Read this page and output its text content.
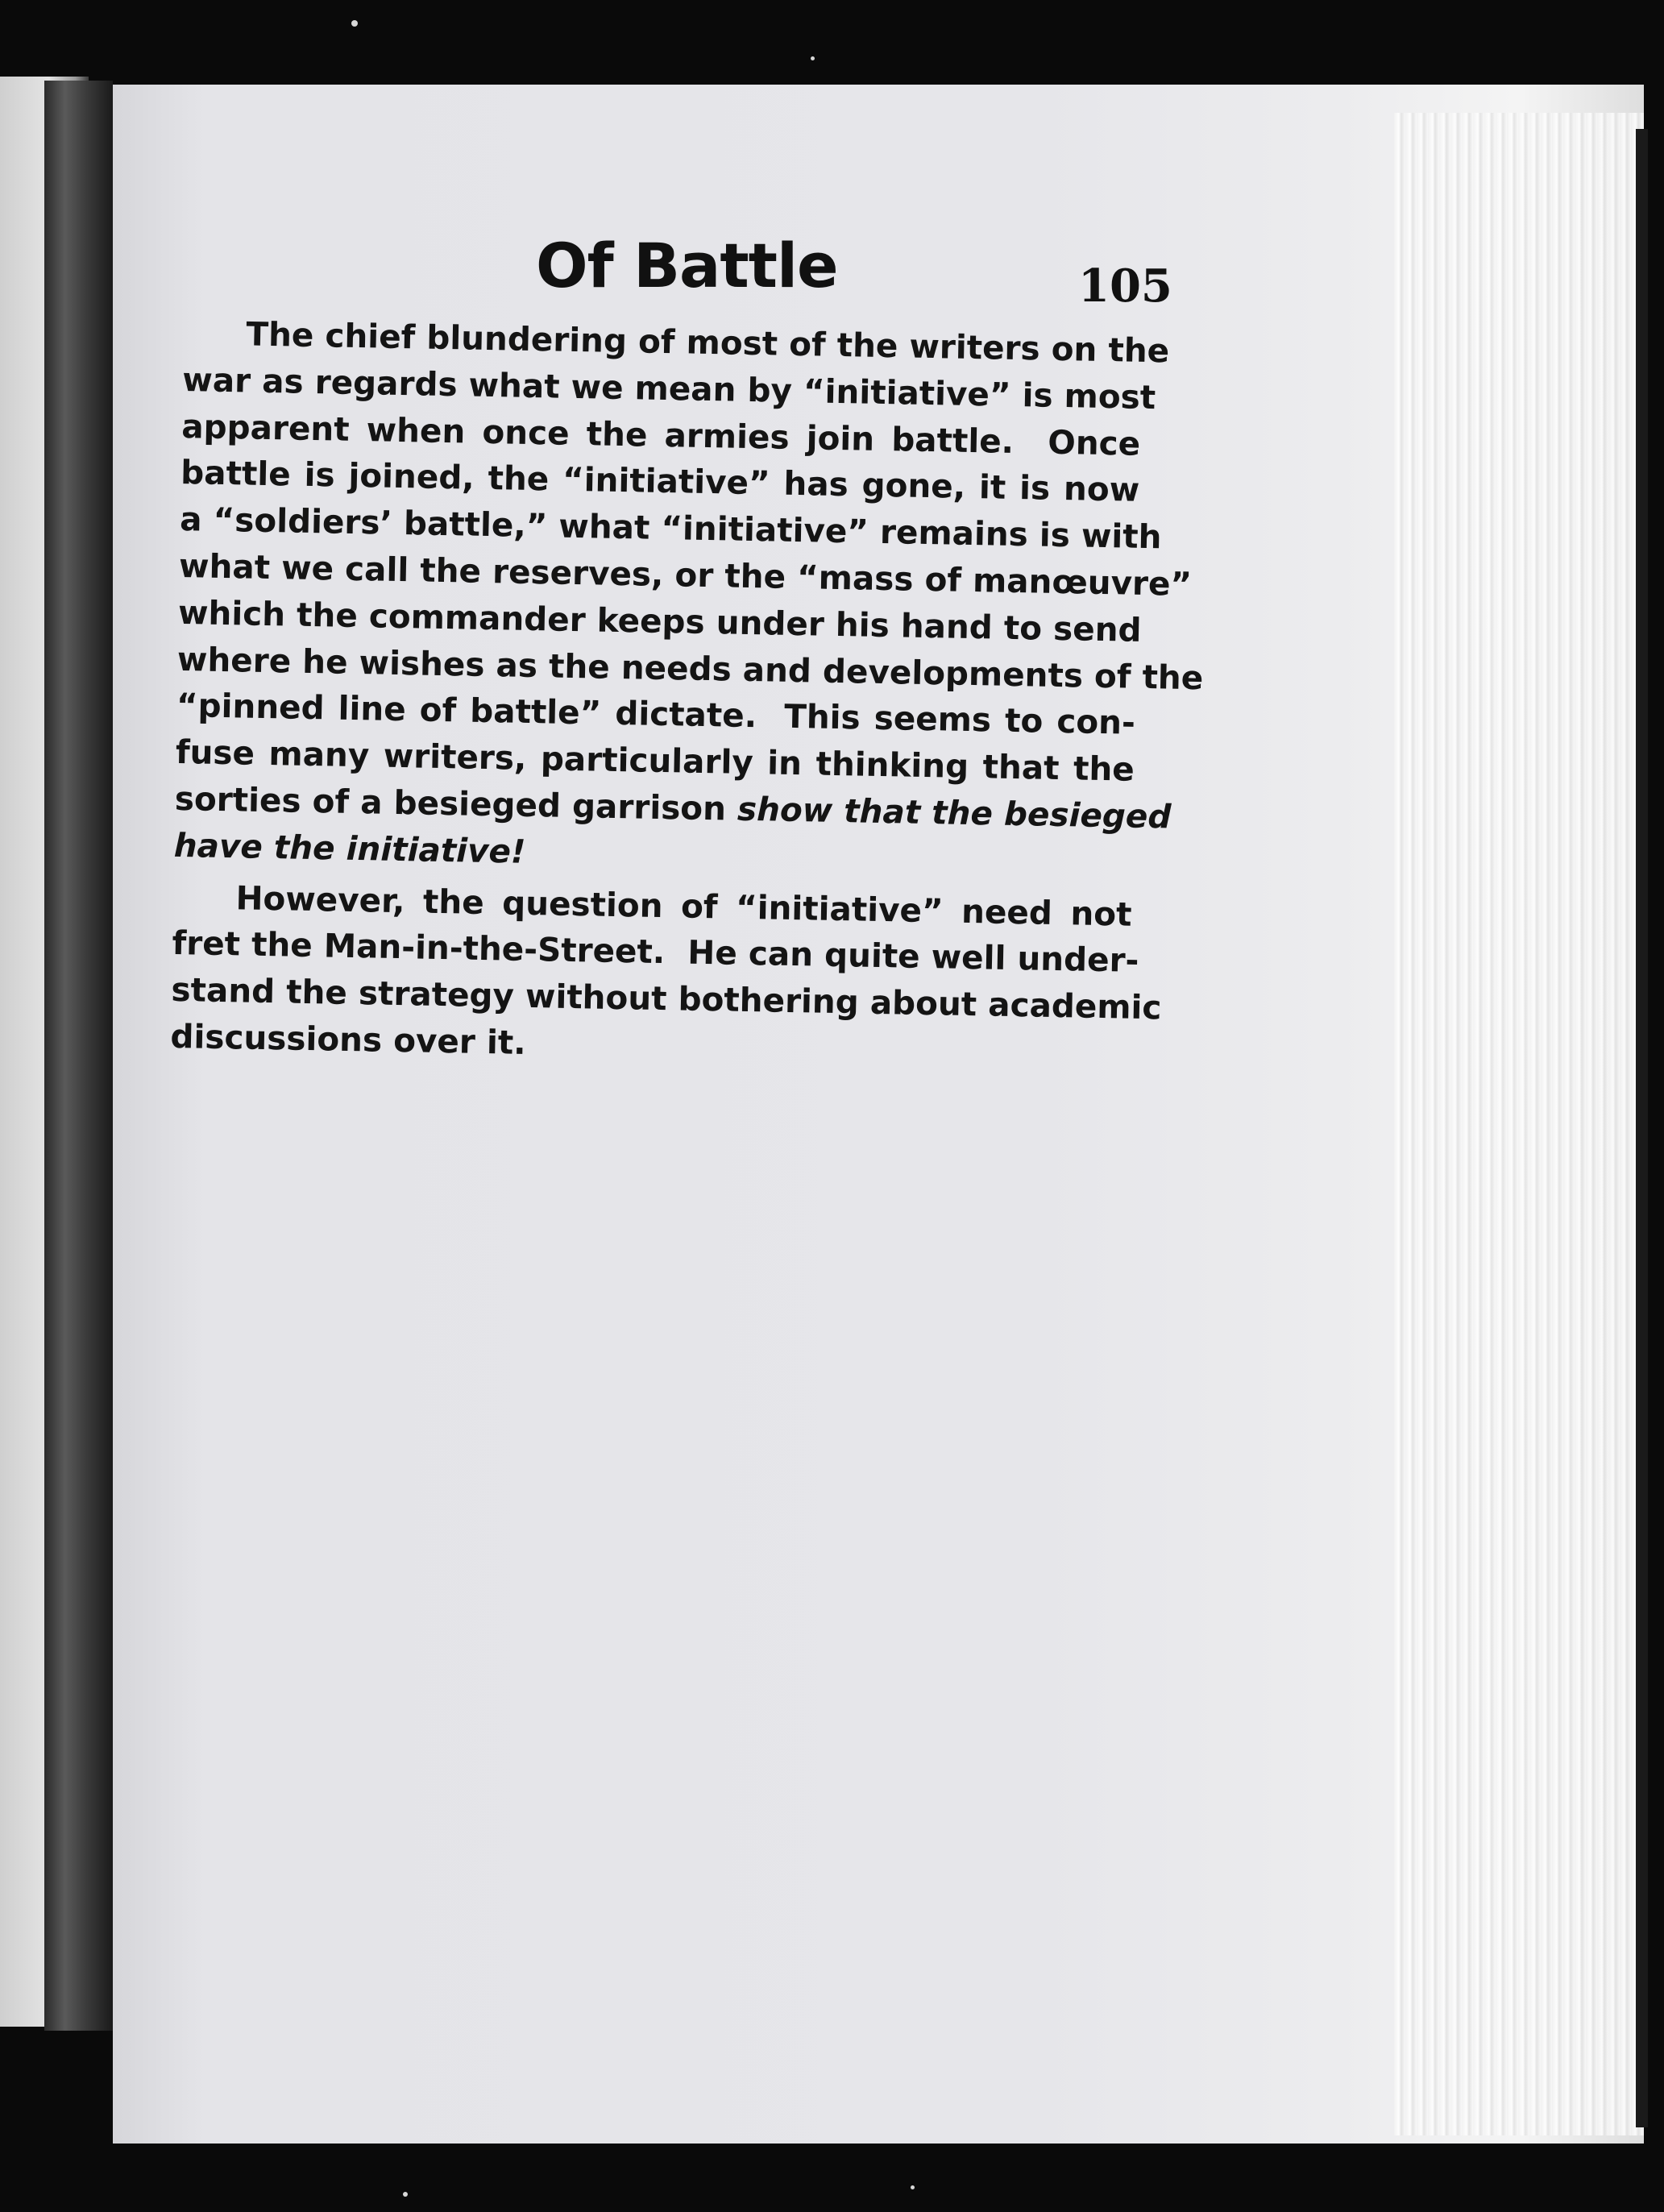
Of Battle	105
The chief blundering of most of the writers on the
war as regards what we mean by “initiative” is most
apparent when once the armies join battle.  Once
battle is joined, the “initiative” has gone, it is now
a “soldiers’ battle,” what “initiative” remains is with
what we call the reserves, or the “mass of manœuvre”
which the commander keeps under his hand to send
where he wishes as the needs and developments of the
“pinned line of battle” dictate.  This seems to con-
fuse many writers, particularly in thinking that the
sorties of a besieged garrison show that the besieged
have the initiative!
However, the question of “initiative” need not
fret the Man-in-the-Street.  He can quite well under-
stand the strategy without bothering about academic
discussions over it.
